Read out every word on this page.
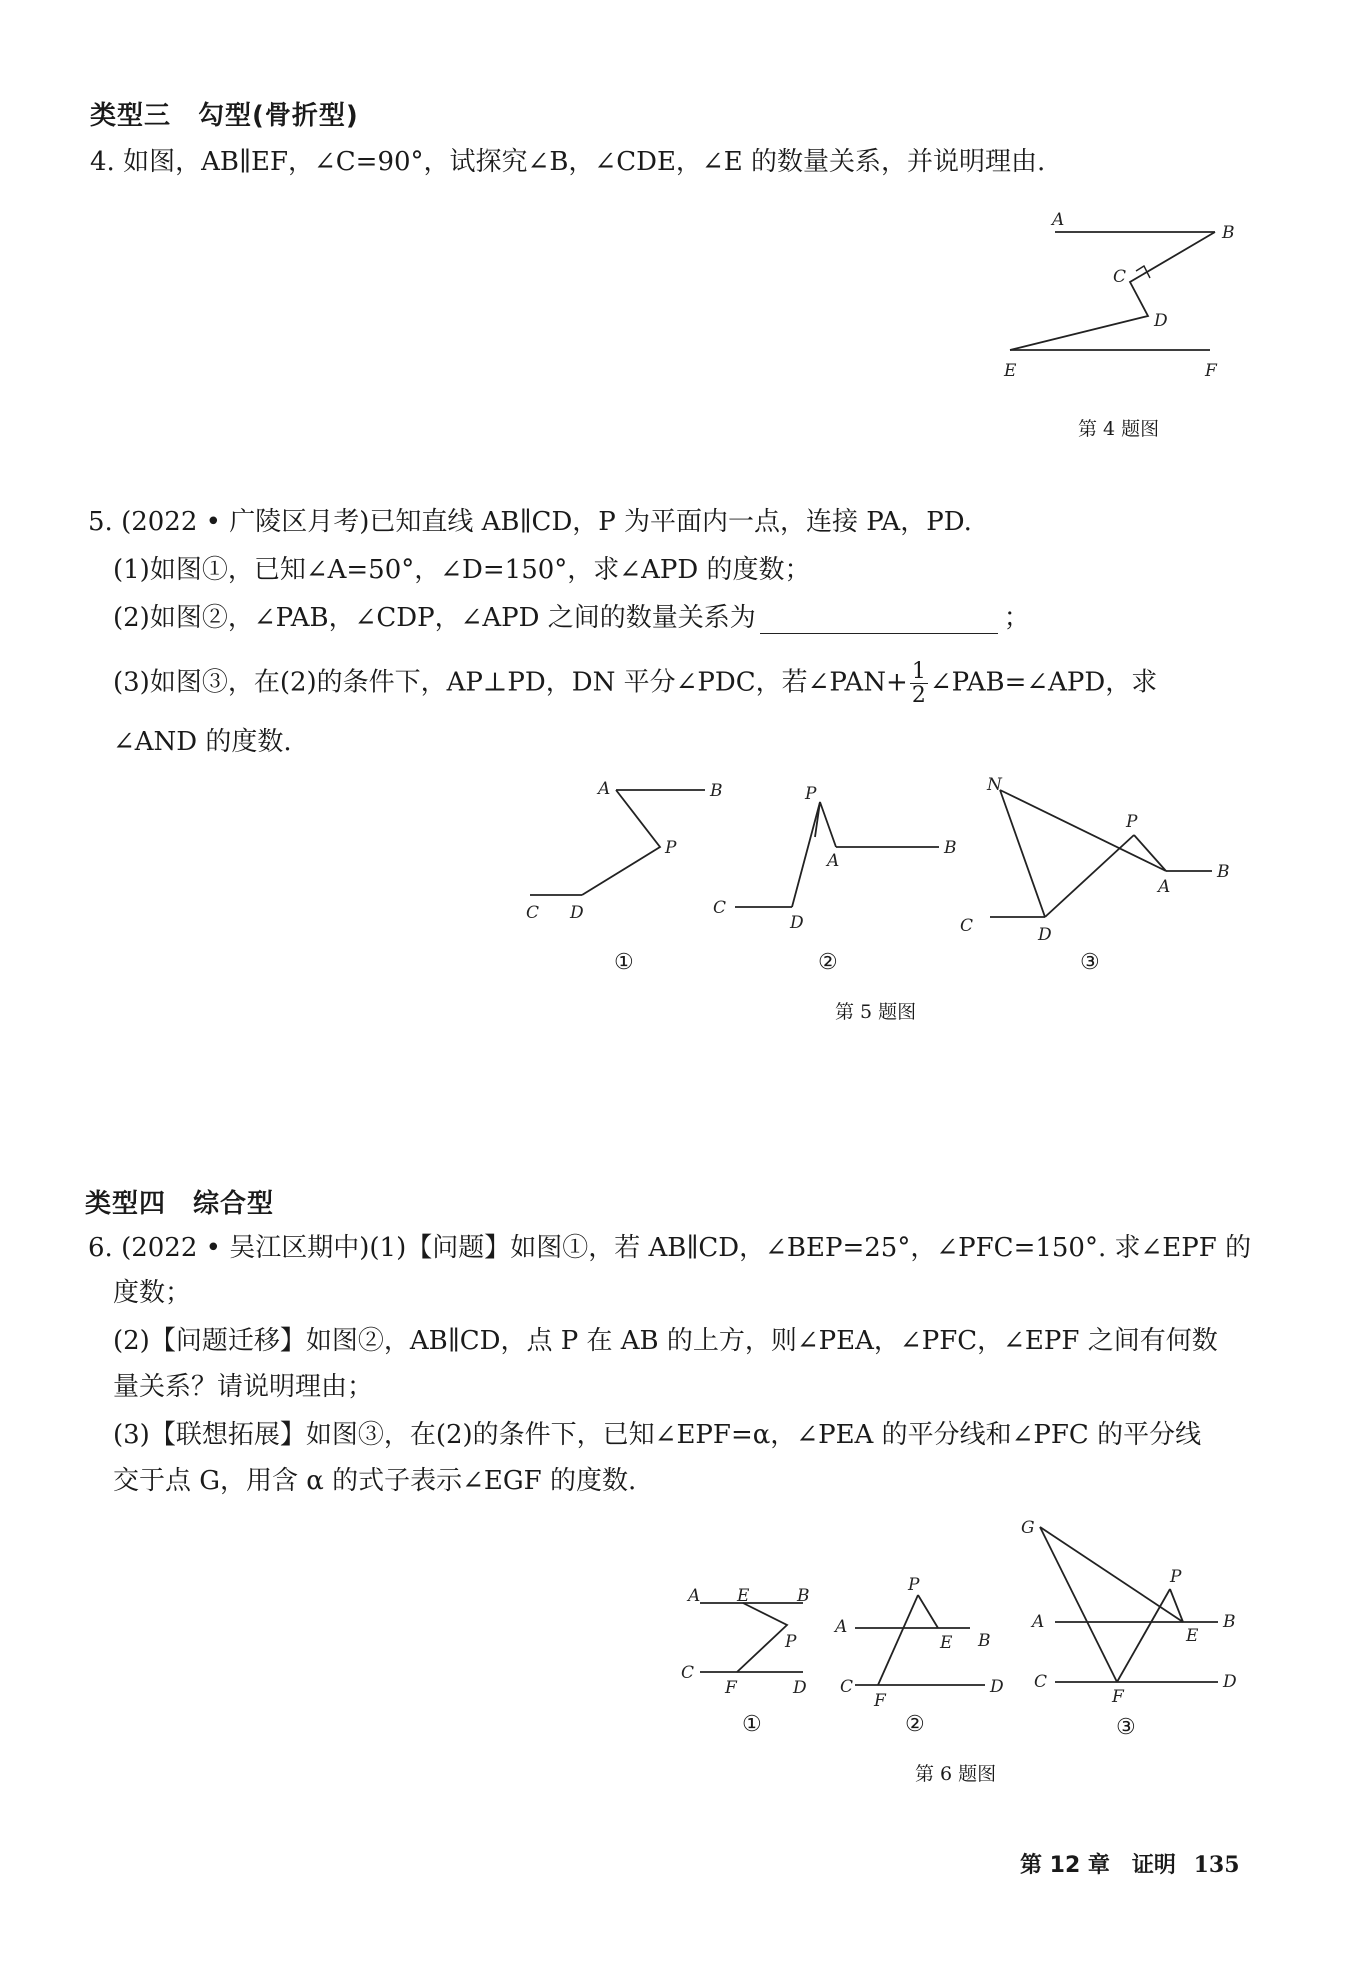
类型三　勾型(骨折型)
4. 如图，AB∥EF，∠C=90°，试探究∠B，∠CDE，∠E 的数量关系，并说明理由.
A
B
C
D
E	F
第 4 题图
5. (2022 • 广陵区月考)已知直线 AB∥CD，P 为平面内一点，连接 PA，PD.
(1)如图①，已知∠A=50°，∠D=150°，求∠APD 的度数；
(2)如图②，∠PAB，∠CDP，∠APD 之间的数量关系为	；
(3)如图③，在(2)的条件下，AP⊥PD，DN 平分∠PDC，若∠PAN+ $\frac{1}{2}$ ∠PAB=∠APD，求
∠AND 的度数.
A	B
P
C D
①
P
A
B
C
D
②
N
P
A
B
C	D
③
第 5 题图
类型四　综合型
6. (2022 • 吴江区期中)(1)【问题】如图①，若 AB∥CD，∠BEP=25°，∠PFC=150°. 求∠EPF 的
度数；
(2)【问题迁移】如图②，AB∥CD，点 P 在 AB 的上方，则∠PEA，∠PFC，∠EPF 之间有何数
量关系？请说明理由；
(3)【联想拓展】如图③，在(2)的条件下，已知∠EPF=α，∠PEA 的平分线和∠PFC 的平分线
交于点 G，用含 α 的式子表示∠EGF 的度数.
A E	B
P
C
F	D
①
P
A
E B
C
F
D
②
G
P
A
E
B
C
F
D
③
第 6 题图
第 12 章　证明 135
